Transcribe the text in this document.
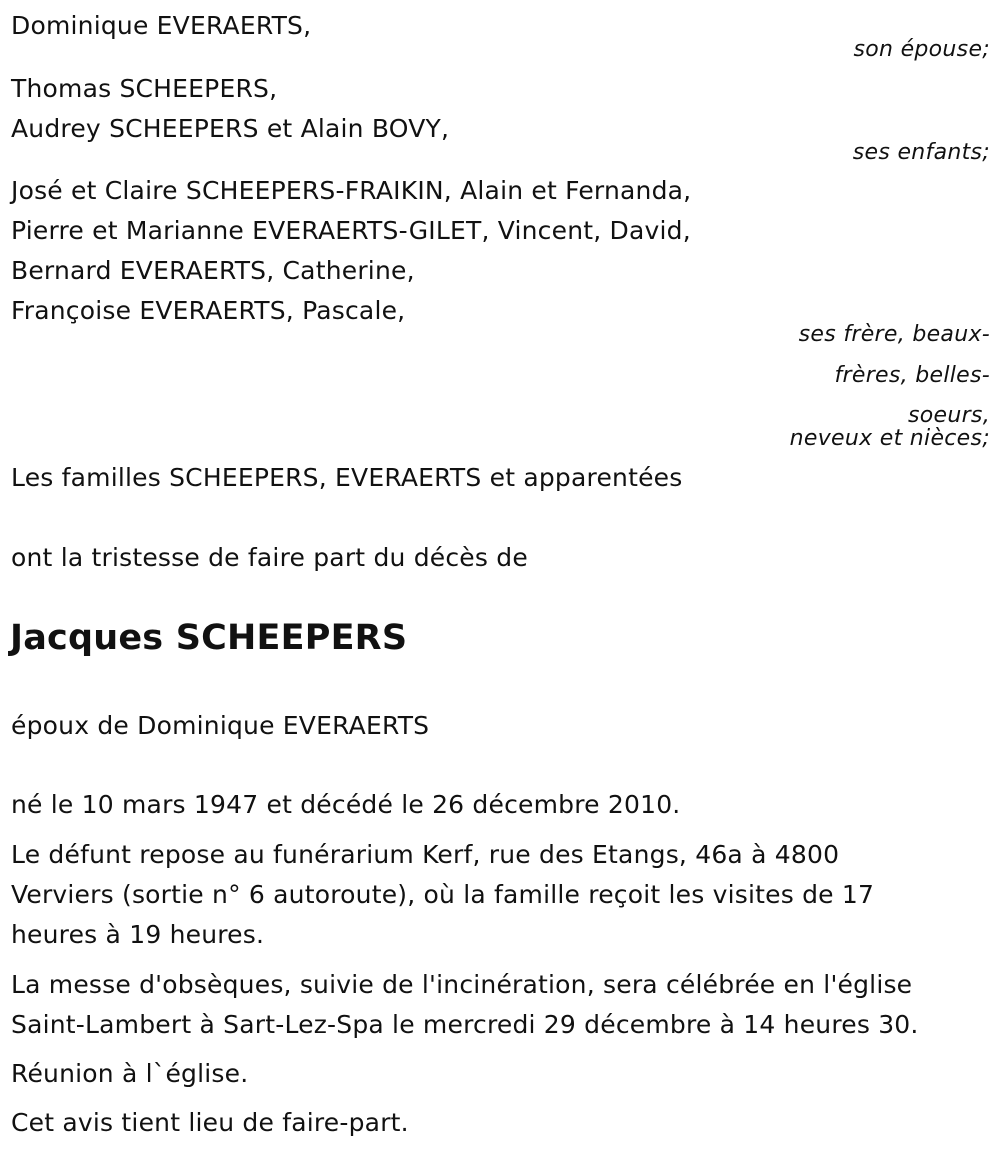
Dominique EVERAERTS,
son épouse;
Thomas SCHEEPERS,
Audrey SCHEEPERS et Alain BOVY,
ses enfants;
José et Claire SCHEEPERS-FRAIKIN, Alain et Fernanda,
Pierre et Marianne EVERAERTS-GILET, Vincent, David,
Bernard EVERAERTS, Catherine,
Françoise EVERAERTS, Pascale,
ses frère, beaux-
frères, belles-
soeurs,
neveux et nièces;
Les familles SCHEEPERS, EVERAERTS et apparentées
ont la tristesse de faire part du décès de
Jacques SCHEEPERS
époux de Dominique EVERAERTS
né le 10 mars 1947 et décédé le 26 décembre 2010.
Le défunt repose au funérarium Kerf, rue des Etangs, 46a à 4800
Verviers (sortie n° 6 autoroute), où la famille reçoit les visites de 17
heures à 19 heures.
La messe d'obsèques, suivie de l'incinération, sera célébrée en l'église
Saint-Lambert à Sart-Lez-Spa le mercredi 29 décembre à 14 heures 30.
Réunion à l`église.
Cet avis tient lieu de faire-part.
